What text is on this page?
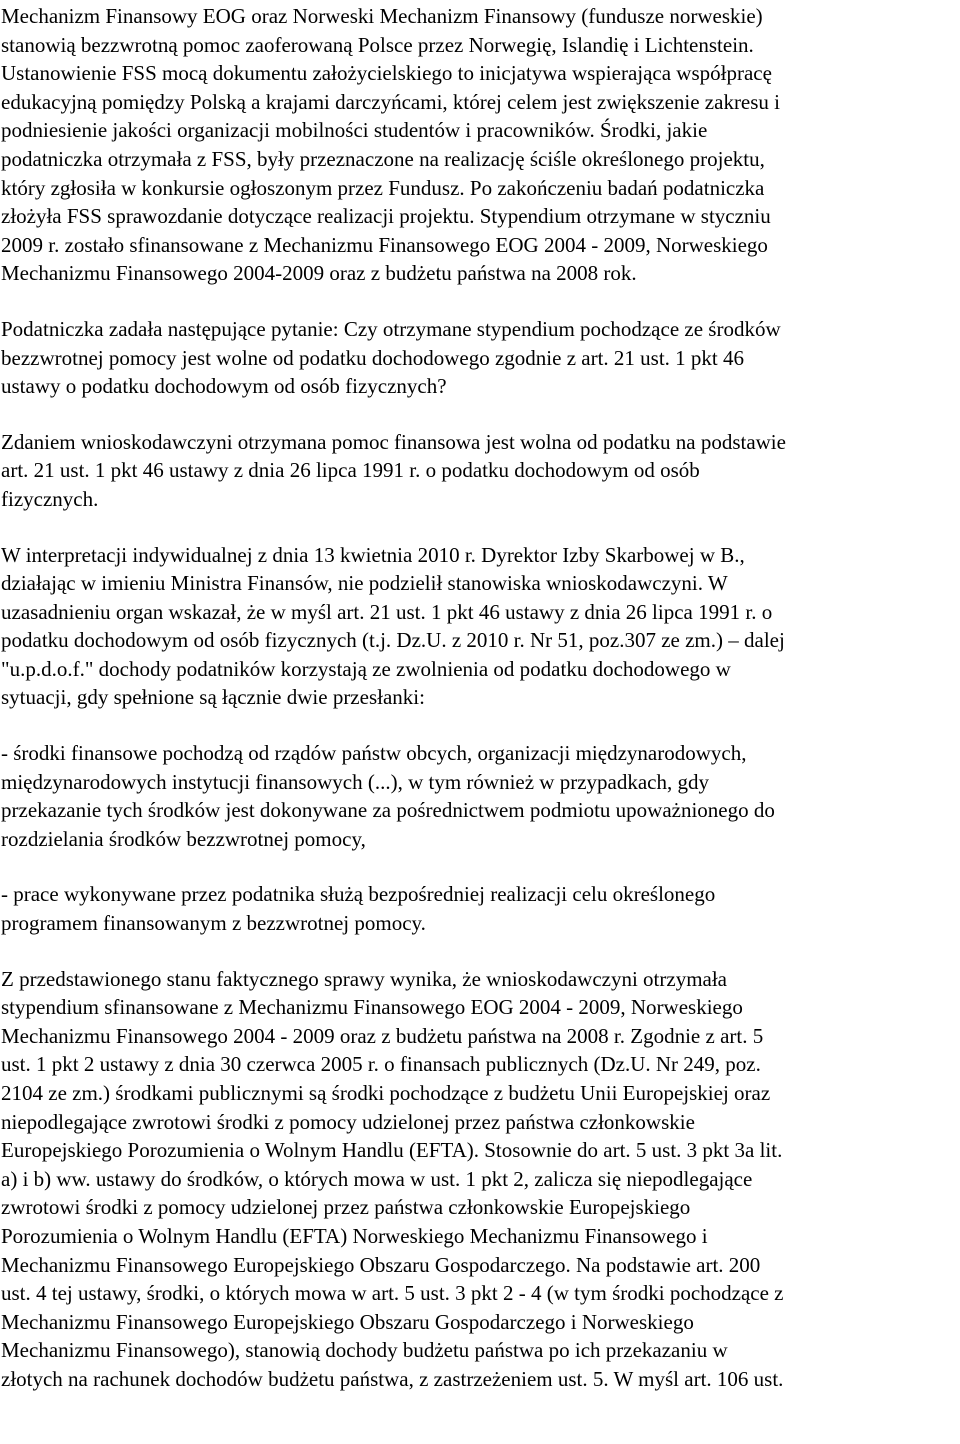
Mechanizm Finansowy EOG oraz Norweski Mechanizm Finansowy (fundusze norweskie)
stanowią bezzwrotną pomoc zaoferowaną Polsce przez Norwegię, Islandię i Lichtenstein.
Ustanowienie FSS mocą dokumentu założycielskiego to inicjatywa wspierająca współpracę
edukacyjną pomiędzy Polską a krajami darczyńcami, której celem jest zwiększenie zakresu i
podniesienie jakości organizacji mobilności studentów i pracowników. Środki, jakie
podatniczka otrzymała z FSS, były przeznaczone na realizację ściśle określonego projektu,
który zgłosiła w konkursie ogłoszonym przez Fundusz. Po zakończeniu badań podatniczka
złożyła FSS sprawozdanie dotyczące realizacji projektu. Stypendium otrzymane w styczniu
2009 r. zostało sfinansowane z Mechanizmu Finansowego EOG 2004 - 2009, Norweskiego
Mechanizmu Finansowego 2004-2009 oraz z budżetu państwa na 2008 rok.

Podatniczka zadała następujące pytanie: Czy otrzymane stypendium pochodzące ze środków
bezzwrotnej pomocy jest wolne od podatku dochodowego zgodnie z art. 21 ust. 1 pkt 46
ustawy o podatku dochodowym od osób fizycznych?

Zdaniem wnioskodawczyni otrzymana pomoc finansowa jest wolna od podatku na podstawie
art. 21 ust. 1 pkt 46 ustawy z dnia 26 lipca 1991 r. o podatku dochodowym od osób
fizycznych.

W interpretacji indywidualnej z dnia 13 kwietnia 2010 r. Dyrektor Izby Skarbowej w B.,
działając w imieniu Ministra Finansów, nie podzielił stanowiska wnioskodawczyni. W
uzasadnieniu organ wskazał, że w myśl art. 21 ust. 1 pkt 46 ustawy z dnia 26 lipca 1991 r. o
podatku dochodowym od osób fizycznych (t.j. Dz.U. z 2010 r. Nr 51, poz.307 ze zm.) – dalej
"u.p.d.o.f." dochody podatników korzystają ze zwolnienia od podatku dochodowego w
sytuacji, gdy spełnione są łącznie dwie przesłanki:

- środki finansowe pochodzą od rządów państw obcych, organizacji międzynarodowych,
międzynarodowych instytucji finansowych (...), w tym również w przypadkach, gdy
przekazanie tych środków jest dokonywane za pośrednictwem podmiotu upoważnionego do
rozdzielania środków bezzwrotnej pomocy,

- prace wykonywane przez podatnika służą bezpośredniej realizacji celu określonego
programem finansowanym z bezzwrotnej pomocy.

Z przedstawionego stanu faktycznego sprawy wynika, że wnioskodawczyni otrzymała
stypendium sfinansowane z Mechanizmu Finansowego EOG 2004 - 2009, Norweskiego
Mechanizmu Finansowego 2004 - 2009 oraz z budżetu państwa na 2008 r. Zgodnie z art. 5
ust. 1 pkt 2 ustawy z dnia 30 czerwca 2005 r. o finansach publicznych (Dz.U. Nr 249, poz.
2104 ze zm.) środkami publicznymi są środki pochodzące z budżetu Unii Europejskiej oraz
niepodlegające zwrotowi środki z pomocy udzielonej przez państwa członkowskie
Europejskiego Porozumienia o Wolnym Handlu (EFTA). Stosownie do art. 5 ust. 3 pkt 3a lit.
a) i b) ww. ustawy do środków, o których mowa w ust. 1 pkt 2, zalicza się niepodlegające
zwrotowi środki z pomocy udzielonej przez państwa członkowskie Europejskiego
Porozumienia o Wolnym Handlu (EFTA) Norweskiego Mechanizmu Finansowego i
Mechanizmu Finansowego Europejskiego Obszaru Gospodarczego. Na podstawie art. 200
ust. 4 tej ustawy, środki, o których mowa w art. 5 ust. 3 pkt 2 - 4 (w tym środki pochodzące z
Mechanizmu Finansowego Europejskiego Obszaru Gospodarczego i Norweskiego
Mechanizmu Finansowego), stanowią dochody budżetu państwa po ich przekazaniu w
złotych na rachunek dochodów budżetu państwa, z zastrzeżeniem ust. 5. W myśl art. 106 ust.
